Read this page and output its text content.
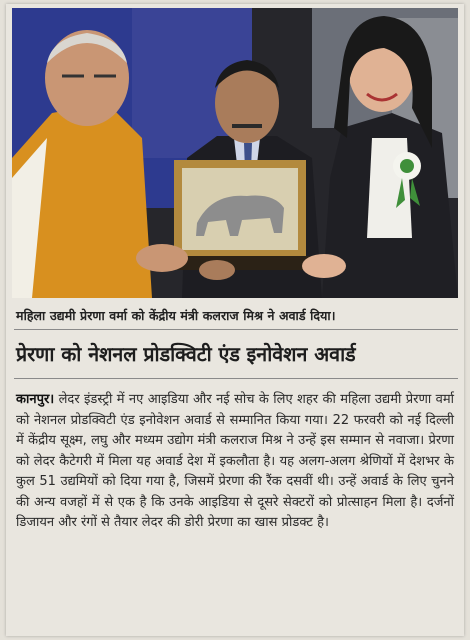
महिला उद्यमी प्रेरणा वर्मा को केंद्रीय मंत्री कलराज मिश्र ने अवार्ड दिया।
प्रेरणा को नेशनल प्रोडक्विटी एंड इनोवेशन अवार्ड
कानपुर। लेदर इंडस्ट्री में नए आइडिया और नई सोच के लिए शहर की महिला उद्यमी प्रेरणा वर्मा को नेशनल प्रोडक्विटी एंड इनोवेशन अवार्ड से सम्मानित किया गया। 22 फरवरी को नई दिल्ली में केंद्रीय सूक्ष्म, लघु और मध्यम उद्योग मंत्री कलराज मिश्र ने उन्हें इस सम्मान से नवाजा। प्रेरणा को लेदर कैटेगरी में मिला यह अवार्ड देश में इकलौता है। यह अलग-अलग श्रेणियों में देशभर के कुल 51 उद्यमियों को दिया गया है, जिसमें प्रेरणा की रैंक दसवीं थी। उन्हें अवार्ड के लिए चुनने की अन्य वजहों में से एक है कि उनके आइडिया से दूसरे सेक्टरों को प्रोत्साहन मिला है। दर्जनों डिजायन और रंगों से तैयार लेदर की डोरी प्रेरणा का खास प्रोडक्ट है।
